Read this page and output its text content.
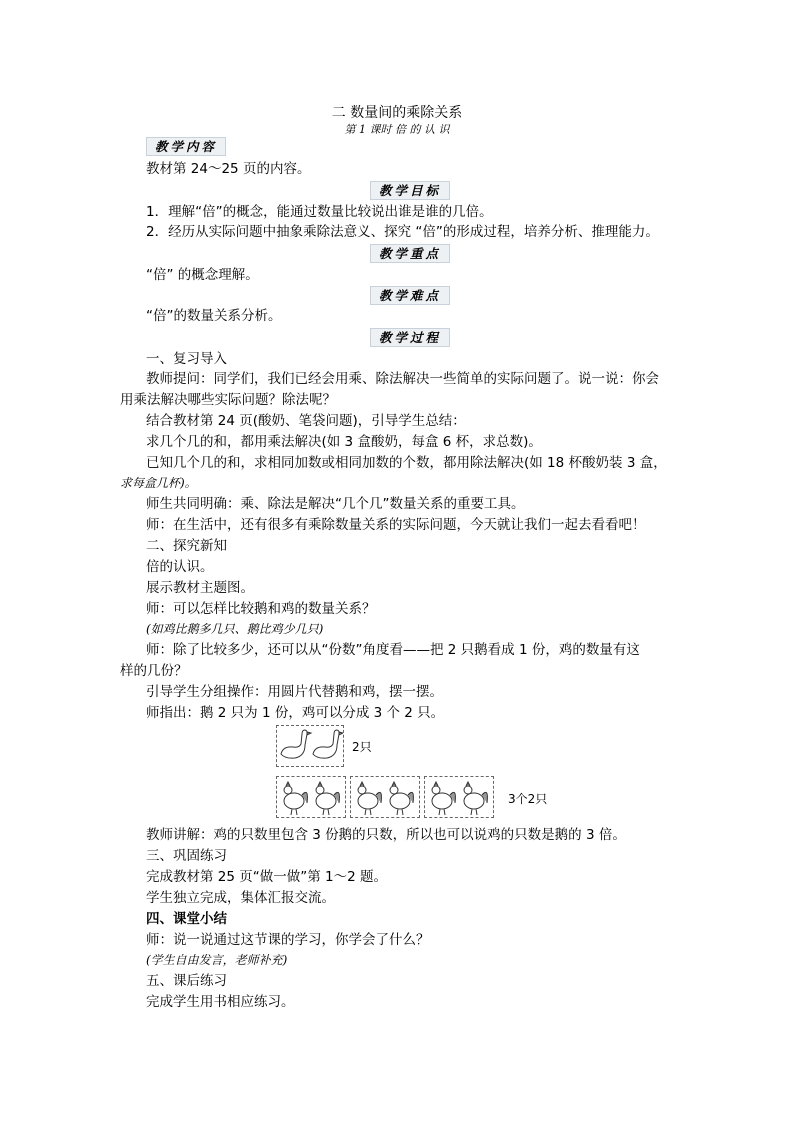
二 数量间的乘除关系
第 1 课时 倍 的 认 识
教学内容
教材第 24～25 页的内容。
教学目标
1．理解“倍”的概念，能通过数量比较说出谁是谁的几倍。
2．经历从实际问题中抽象乘除法意义、探究 “倍”的形成过程，培养分析、推理能力。
教学重点
“倍” 的概念理解。
教学难点
“倍”的数量关系分析。
教学过程
一、复习导入
教师提问：同学们，我们已经会用乘、除法解决一些简单的实际问题了。说一说：你会
用乘法解决哪些实际问题？除法呢？
结合教材第 24 页(酸奶、笔袋问题)，引导学生总结：
求几个几的和，都用乘法解决(如 3 盒酸奶，每盒 6 杯，求总数)。
已知几个几的和，求相同加数或相同加数的个数，都用除法解决(如 18 杯酸奶装 3 盒，
求每盒几杯)。
师生共同明确：乘、除法是解决“几个几”数量关系的重要工具。
师：在生活中，还有很多有乘除数量关系的实际问题，今天就让我们一起去看看吧！
二、探究新知
倍的认识。
展示教材主题图。
师：可以怎样比较鹅和鸡的数量关系？
(如鸡比鹅多几只、鹅比鸡少几只)
师：除了比较多少，还可以从“份数”角度看——把 2 只鹅看成 1 份，鸡的数量有这
样的几份？
引导学生分组操作：用圆片代替鹅和鸡，摆一摆。
师指出：鹅 2 只为 1 份，鸡可以分成 3 个 2 只。
2只
3个2只
教师讲解：鸡的只数里包含 3 份鹅的只数，所以也可以说鸡的只数是鹅的 3 倍。
三、巩固练习
完成教材第 25 页“做一做”第 1～2 题。
学生独立完成，集体汇报交流。
四、课堂小结
师：说一说通过这节课的学习，你学会了什么？
(学生自由发言，老师补充)
五、课后练习
完成学生用书相应练习。
